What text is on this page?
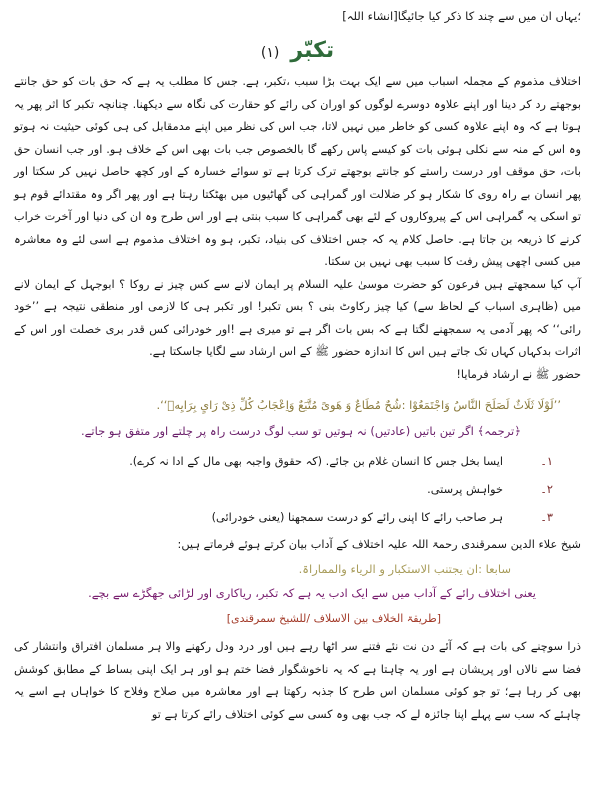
؛یہاں ان میں سے چند کا ذکر کیا جائیگا[انشاء اللہ]

تکبّر (۱)

اختلاف مذموم کے مجملہ اسباب میں سے ایک بہت بڑا سبب ،تکبر، ہے. جس کا مطلب یہ ہے کہ حق بات کو حق جانتے بوجھتے رد کر دینا اور اپنے علاوہ دوسرے لوگوں کو اوران کی رائے کو حقارت کی نگاہ سے دیکھنا. چنانچہ تکبر کا اثر پھر یہ ہوتا ہے کہ وہ اپنے علاوہ کسی کو خاطر میں نہیں لاتا، جب اس کی نظر میں اپنے مدمقابل کی ہی کوئی حیثیت نہ ہوتو وہ اس کے منہ سے نکلی ہوئی بات کو کیسے پاس رکھے گا بالخصوص جب بات بھی اس کے خلاف ہو. اور جب انسان حق بات، حق موقف اور درست راستے کو جانتے بوجھتے ترک کرتا ہے تو سوائے خسارہ کے اور کچھ حاصل نہیں کر سکتا اور پھر انسان بے راہ روی کا شکار ہو کر ضلالت اور گمراہی کی گھاٹیوں میں بھٹکتا رہتا ہے اور پھر اگر وہ مقتدائے قوم ہو تو اسکی یہ گمراہی اس کے پیروکاروں کے لئے بھی گمراہی کا سبب بنتی ہے اور اس طرح وہ ان کی دنیا اور آخرت خراب کرنے کا ذریعہ بن جاتا ہے. حاصل کلام یہ کہ جس اختلاف کی بنیاد، تکبر، ہو وہ اختلاف مذموم ہے اسی لئے وہ معاشرہ میں کسی اچھی پیش رفت کا سبب بھی نہیں بن سکتا.

آپ کیا سمجھتے ہیں فرعون کو حضرت موسیٰ علیہ السلام پر ایمان لانے سے کس چیز نے روکا ؟ ابوجہل کے ایمان لانے میں (ظاہری اسباب کے لحاظ سے) کیا چیز رکاوٹ بنی ؟ بس تکبر! اور تکبر ہی کا لازمی اور منطقی نتیجہ ہے ’’خود رائی‘‘ کہ پھر آدمی یہ سمجھنے لگتا ہے کہ بس بات اگر ہے تو میری ہے !اور خودرائی کس قدر بری خصلت اور اس کے اثرات بدکہاں کہاں تک جاتے ہیں اس کا اندازہ حضور ﷺ کے اس ارشاد سے لگایا جاسکتا ہے.

حضور ﷺ نے ارشاد فرمایا!

’’لَوْلَا ثَلَاثٌ لَصَلَحَ النَّاسُ وَاجْتَمَعُوْا :شُحٌ مُطَاعٌ وَ هَوىً مُتَّبَعٌ وَاِعْجَابُ كُلِّ ذِیْ رَایٍ بِرَایِهٖ‘‘.

﴿ترجمہ﴾ اگر تین باتیں (عادتیں) نہ ہوتیں تو سب لوگ درست راہ پر چلتے اور متفق ہو جاتے.

۱۔
ایسا بخل جس کا انسان غلام بن جائے. (کہ حقوق واجبہ بھی مال کے ادا نہ کرے).
۲۔
خواہش پرستی.
۳۔
ہر صاحب رائے کا اپنی رائے کو درست سمجھنا (یعنی خودرائی)

شیخ علاء الدین سمرقندی رحمۃ اللہ علیہ اختلاف کے آداب بیان کرتے ہوئے فرماتے ہیں:

سابعا :ان یجتنب الاستکبار و الریاء والمماراۃ.

یعنی اختلاف رائے کے آداب میں سے ایک ادب یہ ہے کہ تکبر، ریاکاری اور لڑائی جھگڑے سے بچے.

[طریقۃ الخلاف بین الاسلاف /للشیخ سمرقندی]

ذرا سوچنے کی بات ہے کہ آئے دن نت نئے فتنے سر اٹھا رہے ہیں اور درد ودل رکھنے والا ہر مسلمان افتراق وانتشار کی فضا سے نالاں اور پریشان ہے اور یہ چاہتا ہے کہ یہ ناخوشگوار فضا ختم ہو اور ہر ایک اپنی بساط کے مطابق کوشش بھی کر رہا ہے؛ تو جو کوئی مسلمان اس طرح کا جذبہ رکھتا ہے اور معاشرہ میں صلاح وفلاح کا خواہاں ہے اسے یہ چاہئے کہ سب سے پہلے اپنا جائزہ لے کہ جب بھی وہ کسی سے کوئی اختلاف رائے کرتا ہے تو
